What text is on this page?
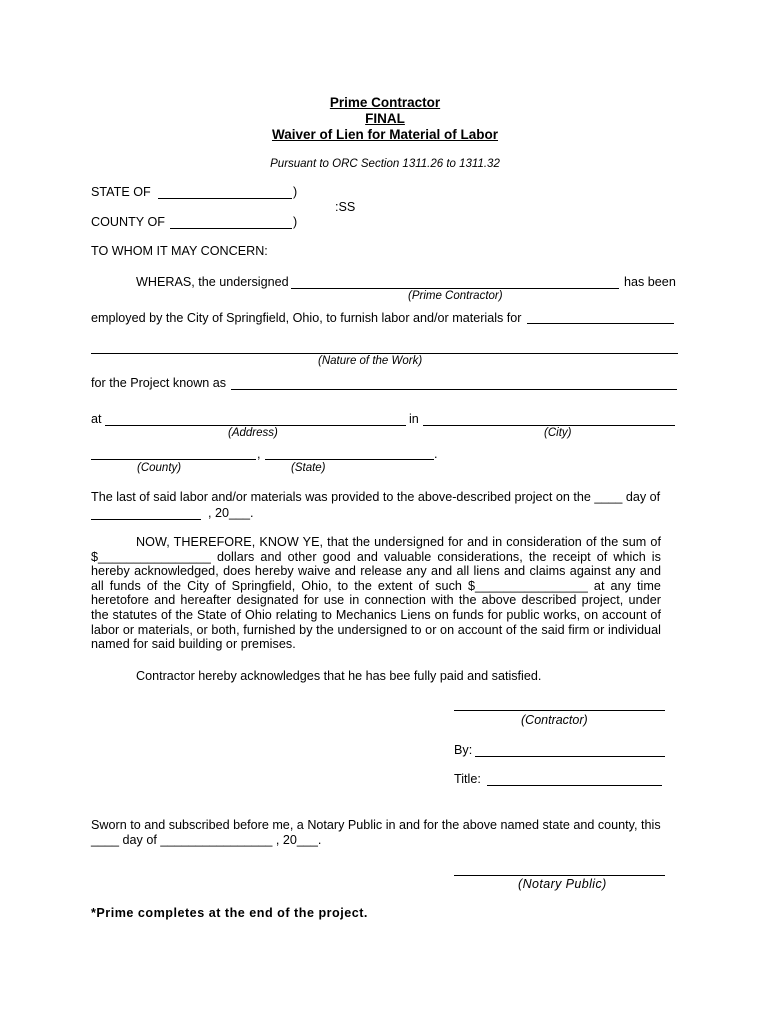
Prime Contractor
FINAL
Waiver of Lien for Material of Labor
Pursuant to ORC Section 1311.26 to 1311.32
STATE OF	)
:SS
COUNTY OF	)
TO WHOM IT MAY CONCERN:
WHERAS, the undersigned	has been
(Prime Contractor)
employed by the City of Springfield, Ohio, to furnish labor and/or materials for
(Nature of the Work)
for the Project known as
at	in
(Address)	(City)
,	.
(County)	(State)
The last of said labor and/or materials was provided to the above-described project on the ____ day of
, 20___.
NOW, THEREFORE, KNOW YE, that the undersigned for and in consideration of the sum of $________________ dollars and other good and valuable considerations, the receipt of which is hereby acknowledged, does hereby waive and release any and all liens and claims against any and all funds of the City of Springfield, Ohio, to the extent of such $________________ at any time heretofore and hereafter designated for use in connection with the above described project, under the statutes of the State of Ohio relating to Mechanics Liens on funds for public works, on account of labor or materials, or both, furnished by the undersigned to or on account of the said firm or individual named for said building or premises.
Contractor hereby acknowledges that he has bee fully paid and satisfied.
(Contractor)
By:
Title:
Sworn to and subscribed before me, a Notary Public in and for the above named state and county, this
____ day of ________________ , 20___.
(Notary Public)
*Prime completes at the end of the project.
